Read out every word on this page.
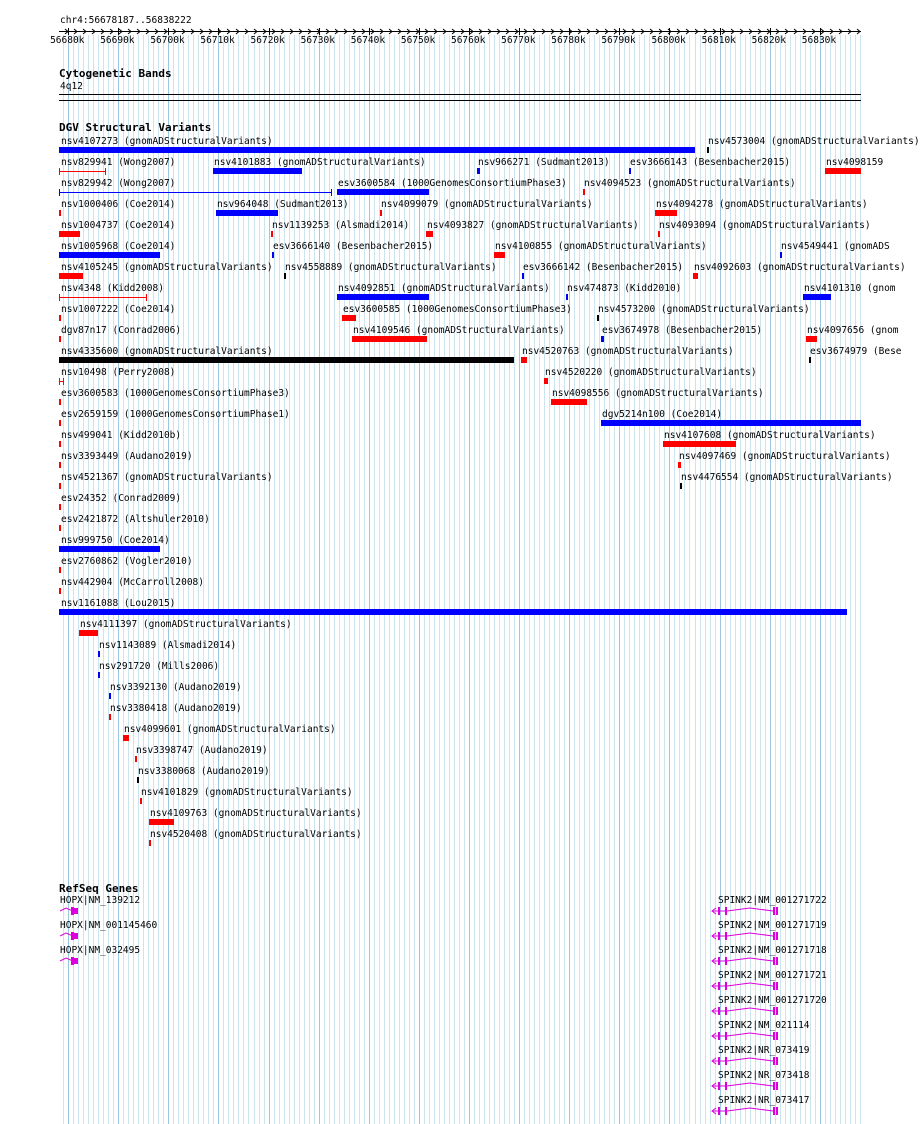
chr4:56678187..56838222
56680k 56690k 56700k 56710k 56720k 56730k 56740k 56750k 56760k 56770k 56780k 56790k 56800k 56810k 56820k 56830k
Cytogenetic Bands
4q12
DGV Structural Variants
nsv4107273 (gnomADStructuralVariants)	nsv4573004 (gnomADStructuralVariants)
nsv829941 (Wong2007)	nsv4101883 (gnomADStructuralVariants)	nsv966271 (Sudmant2013) esv3666143 (Besenbacher2015)	nsv4098159
nsv829942 (Wong2007)	esv3600584 (1000GenomesConsortiumPhase3) nsv4094523 (gnomADStructuralVariants)
nsv1000406 (Coe2014)	nsv964048 (Sudmant2013)	nsv4099079 (gnomADStructuralVariants)	nsv4094278 (gnomADStructuralVariants)
nsv1004737 (Coe2014)	nsv1139253 (Alsmadi2014) nsv4093827 (gnomADStructuralVariants) nsv4093094 (gnomADStructuralVariants)
nsv1005968 (Coe2014)	esv3666140 (Besenbacher2015)	nsv4100855 (gnomADStructuralVariants)	nsv4549441 (gnomADS
nsv4105245 (gnomADStructuralVariants) nsv4558889 (gnomADStructuralVariants)	esv3666142 (Besenbacher2015) nsv4092603 (gnomADStructuralVariants)
nsv4348 (Kidd2008)	nsv4092851 (gnomADStructuralVariants) nsv474873 (Kidd2010)	nsv4101310 (gnom
nsv1007222 (Coe2014)	esv3600585 (1000GenomesConsortiumPhase3)	nsv4573200 (gnomADStructuralVariants)
dgv87n17 (Conrad2006)	nsv4109546 (gnomADStructuralVariants)	esv3674978 (Besenbacher2015)	nsv4097656 (gnom
nsv4335600 (gnomADStructuralVariants)	nsv4520763 (gnomADStructuralVariants)	esv3674979 (Bese
nsv10498 (Perry2008)	nsv4520220 (gnomADStructuralVariants)
esv3600583 (1000GenomesConsortiumPhase3)	nsv4098556 (gnomADStructuralVariants)
esv2659159 (1000GenomesConsortiumPhase1)	dgv5214n100 (Coe2014)
nsv499041 (Kidd2010b)	nsv4107608 (gnomADStructuralVariants)
nsv3393449 (Audano2019)	nsv4097469 (gnomADStructuralVariants)
nsv4521367 (gnomADStructuralVariants)	nsv4476554 (gnomADStructuralVariants)
esv24352 (Conrad2009)
esv2421872 (Altshuler2010)
nsv999750 (Coe2014)
esv2760862 (Vogler2010)
nsv442904 (McCarroll2008)
nsv1161088 (Lou2015)
nsv4111397 (gnomADStructuralVariants)
nsv1143089 (Alsmadi2014)
nsv291720 (Mills2006)
nsv3392130 (Audano2019)
nsv3380418 (Audano2019)
nsv4099601 (gnomADStructuralVariants)
nsv3398747 (Audano2019)
nsv3380068 (Audano2019)
nsv4101829 (gnomADStructuralVariants)
nsv4109763 (gnomADStructuralVariants)
nsv4520408 (gnomADStructuralVariants)
RefSeq Genes
HOPX|NM_139212
HOPX|NM_001145460
HOPX|NM_032495
SPINK2|NM_001271722
SPINK2|NM_001271719
SPINK2|NM_001271718
SPINK2|NM_001271721
SPINK2|NM_001271720
SPINK2|NM_021114
SPINK2|NR_073419
SPINK2|NR_073418
SPINK2|NR_073417
